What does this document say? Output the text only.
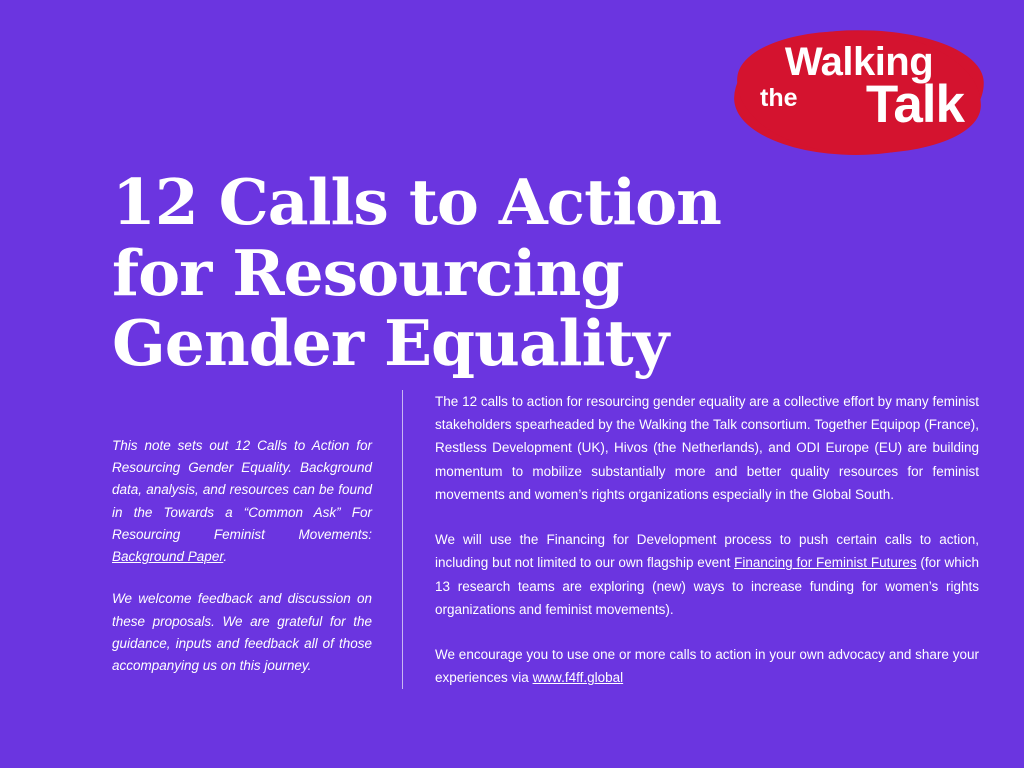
Walking
the Talk
12 Calls to Action
for Resourcing
Gender Equality

This note sets out 12 Calls to Action for Resourcing Gender Equality. Background data, analysis, and resources can be found in the Towards a “Common Ask” For Resourcing Feminist Movements: Background Paper.

We welcome feedback and discussion on these proposals. We are grateful for the guidance, inputs and feedback all of those accompanying us on this journey.

The 12 calls to action for resourcing gender equality are a collective effort by many feminist stakeholders spearheaded by the Walking the Talk consortium. Together Equipop (France), Restless Development (UK), Hivos (the Netherlands), and ODI Europe (EU) are building momentum to mobilize substantially more and better quality resources for feminist movements and women’s rights organizations especially in the Global South.

We will use the Financing for Development process to push certain calls to action, including but not limited to our own flagship event Financing for Feminist Futures (for which 13 research teams are exploring (new) ways to increase funding for women’s rights organizations and feminist movements).

We encourage you to use one or more calls to action in your own advocacy and share your experiences via www.f4ff.global
